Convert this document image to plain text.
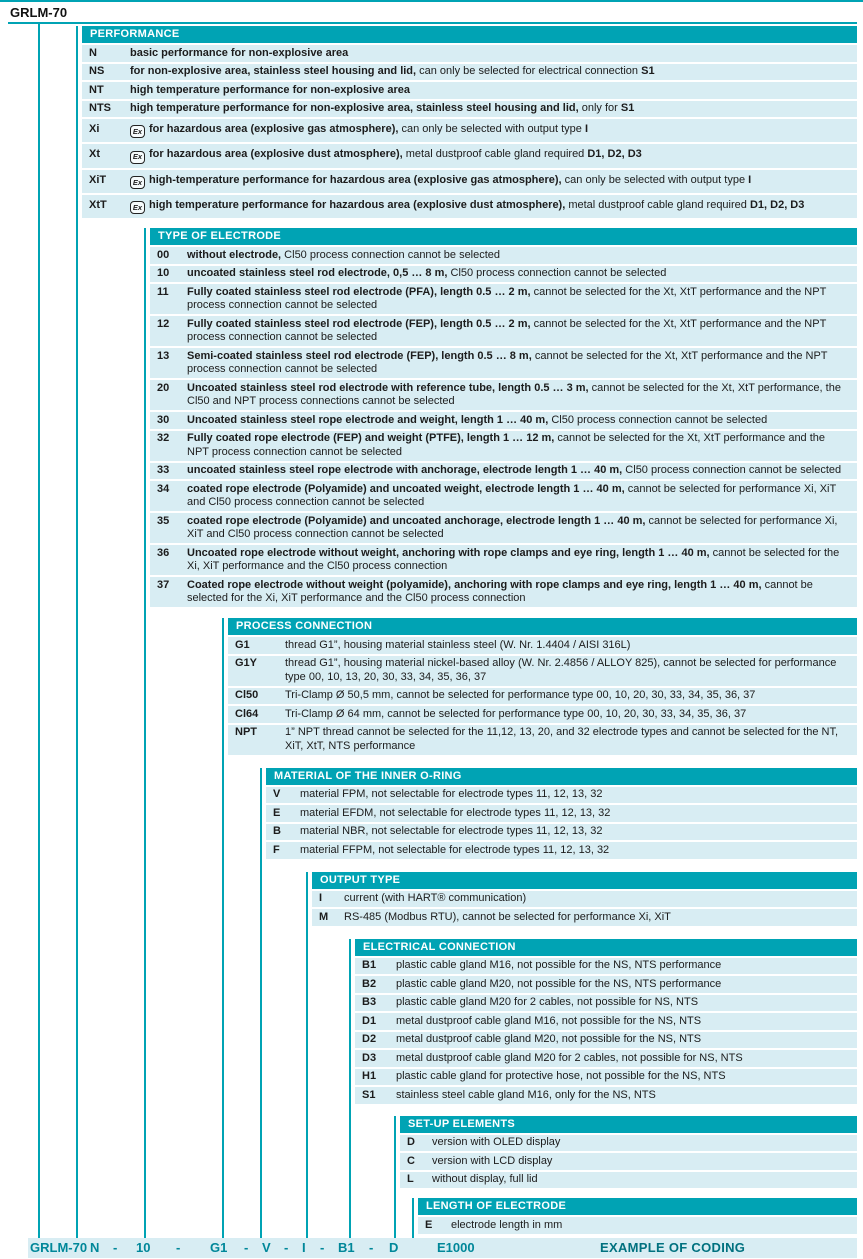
GRLM-70
PERFORMANCE
N	basic performance for non-explosive area
NS	for non-explosive area, stainless steel housing and lid, can only be selected for electrical connection S1
NT	high temperature performance for non-explosive area
NTS	high temperature performance for non-explosive area, stainless steel housing and lid, only for S1
Xi	Ex for hazardous area (explosive gas atmosphere), can only be selected with output type I
Xt	Ex for hazardous area (explosive dust atmosphere), metal dustproof cable gland required D1, D2, D3
XiT	Ex high-temperature performance for hazardous area (explosive gas atmosphere), can only be selected with output type I
XtT	Ex high temperature performance for hazardous area (explosive dust atmosphere), metal dustproof cable gland required D1, D2, D3
TYPE OF ELECTRODE
00	without electrode, Cl50 process connection cannot be selected
10	uncoated stainless steel rod electrode, 0,5 … 8 m, Cl50 process connection cannot be selected
11	Fully coated stainless steel rod electrode (PFA), length 0.5 … 2 m, cannot be selected for the Xt, XtT performance and the NPT process connection cannot be selected
12	Fully coated stainless steel rod electrode (FEP), length 0.5 … 2 m, cannot be selected for the Xt, XtT performance and the NPT process connection cannot be selected
13	Semi-coated stainless steel rod electrode (FEP), length 0.5 … 8 m, cannot be selected for the Xt, XtT performance and the NPT process connection cannot be selected
20	Uncoated stainless steel rod electrode with reference tube, length 0.5 … 3 m, cannot be selected for the Xt, XtT performance, the Cl50 and NPT process connections cannot be selected
30	Uncoated stainless steel rope electrode and weight, length 1 … 40 m, Cl50 process connection cannot be selected
32	Fully coated rope electrode (FEP) and weight (PTFE), length 1 … 12 m, cannot be selected for the Xt, XtT performance and the NPT process connection cannot be selected
33	uncoated stainless steel rope electrode with anchorage, electrode length 1 … 40 m, Cl50 process connection cannot be selected
34	coated rope electrode (Polyamide) and uncoated weight, electrode length 1 … 40 m, cannot be selected for performance Xi, XiT and Cl50 process connection cannot be selected
35	coated rope electrode (Polyamide) and uncoated anchorage, electrode length 1 … 40 m, cannot be selected for performance Xi, XiT and Cl50 process connection cannot be selected
36	Uncoated rope electrode without weight, anchoring with rope clamps and eye ring, length 1 … 40 m, cannot be selected for the Xi, XiT performance and the Cl50 process connection
37	Coated rope electrode without weight (polyamide), anchoring with rope clamps and eye ring, length 1 … 40 m, cannot be selected for the Xi, XiT performance and the Cl50 process connection
PROCESS CONNECTION
G1	thread G1”, housing material stainless steel (W. Nr. 1.4404 / AISI 316L)
G1Y	thread G1”, housing material nickel-based alloy (W. Nr. 2.4856 / ALLOY 825), cannot be selected for performance type 00, 10, 13, 20, 30, 33, 34, 35, 36, 37
Cl50	Tri-Clamp Ø 50,5 mm, cannot be selected for performance type 00, 10, 20, 30, 33, 34, 35, 36, 37
Cl64	Tri-Clamp Ø 64 mm, cannot be selected for performance type 00, 10, 20, 30, 33, 34, 35, 36, 37
NPT	1” NPT thread cannot be selected for the 11,12, 13, 20, and 32 electrode types and cannot be selected for the NT, XiT, XtT, NTS performance
MATERIAL OF THE INNER O-RING
V	material FPM, not selectable for electrode types 11, 12, 13, 32
E	material EFDM, not selectable for electrode types 11, 12, 13, 32
B	material NBR, not selectable for electrode types 11, 12, 13, 32
F	material FFPM, not selectable for electrode types 11, 12, 13, 32
OUTPUT TYPE
I	current (with HART® communication)
M	RS-485 (Modbus RTU), cannot be selected for performance Xi, XiT
ELECTRICAL CONNECTION
B1	plastic cable gland M16, not possible for the NS, NTS performance
B2	plastic cable gland M20, not possible for the NS, NTS performance
B3	plastic cable gland M20 for 2 cables, not possible for NS, NTS
D1	metal dustproof cable gland M16, not possible for the NS, NTS
D2	metal dustproof cable gland M20, not possible for the NS, NTS
D3	metal dustproof cable gland M20 for 2 cables, not possible for NS, NTS
H1	plastic cable gland for protective hose, not possible for the NS, NTS
S1	stainless steel cable gland M16, only for the NS, NTS
SET-UP ELEMENTS
D	version with OLED display
C	version with LCD display
L	without display, full lid
LENGTH OF ELECTRODE
E	electrode length in mm
GRLM-70 N - 10 - G1 - V - I - B1 - D	E1000	EXAMPLE OF CODING
